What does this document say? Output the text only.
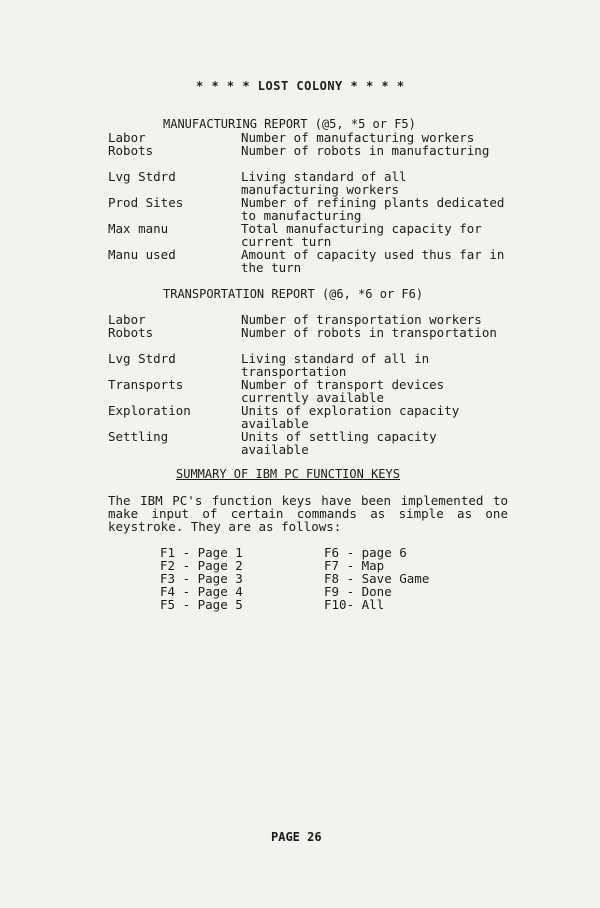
* * * * LOST COLONY * * * *
MANUFACTURING REPORT (@5, *5 or F5)
Labor	Number of manufacturing workers
Robots	Number of robots in manufacturing
Lvg Stdrd	Living standard of all manufacturing workers
Prod Sites	Number of refining plants dedicated to manufacturing
Max manu	Total manufacturing capacity for current turn
Manu used	Amount of capacity used thus far in the turn
TRANSPORTATION REPORT (@6, *6 or F6)
Labor	Number of transportation workers
Robots	Number of robots in transportation
Lvg Stdrd	Living standard of all in transportation
Transports	Number of transport devices currently available
Exploration	Units of exploration capacity available
Settling	Units of settling capacity available
SUMMARY OF IBM PC FUNCTION KEYS
The IBM PC's function keys have been implemented to make input of certain commands as simple as one keystroke. They are as follows:
F1 - Page 1
F2 - Page 2
F3 - Page 3
F4 - Page 4
F5 - Page 5
F6 - page 6
F7 - Map
F8 - Save Game
F9 - Done
F10- All
PAGE 26
